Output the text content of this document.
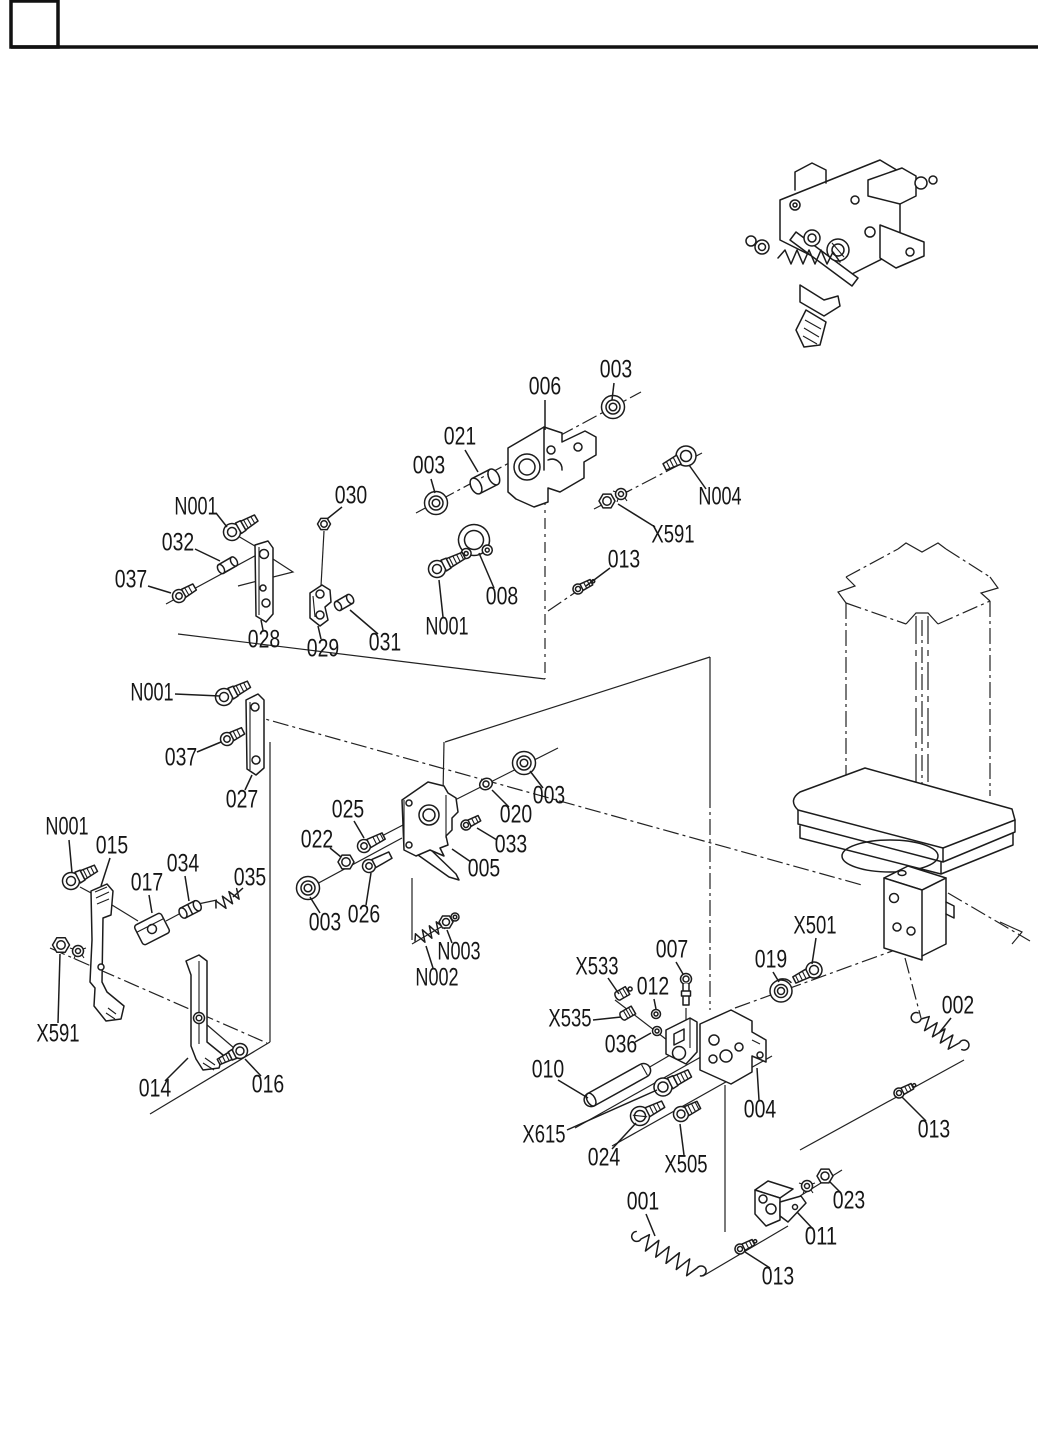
003
006
021
003
N004
X591
013
008
N001
N001	030
032
037
028 029 031
N001
037
027	025
022
003
020
033
005
026
003
N003
N002
N001
015
017
034 035
X591
014	016
X533
012
007	019
X501
X535
036
010
X615
024 X505
004
002
013
001	023
011
013
